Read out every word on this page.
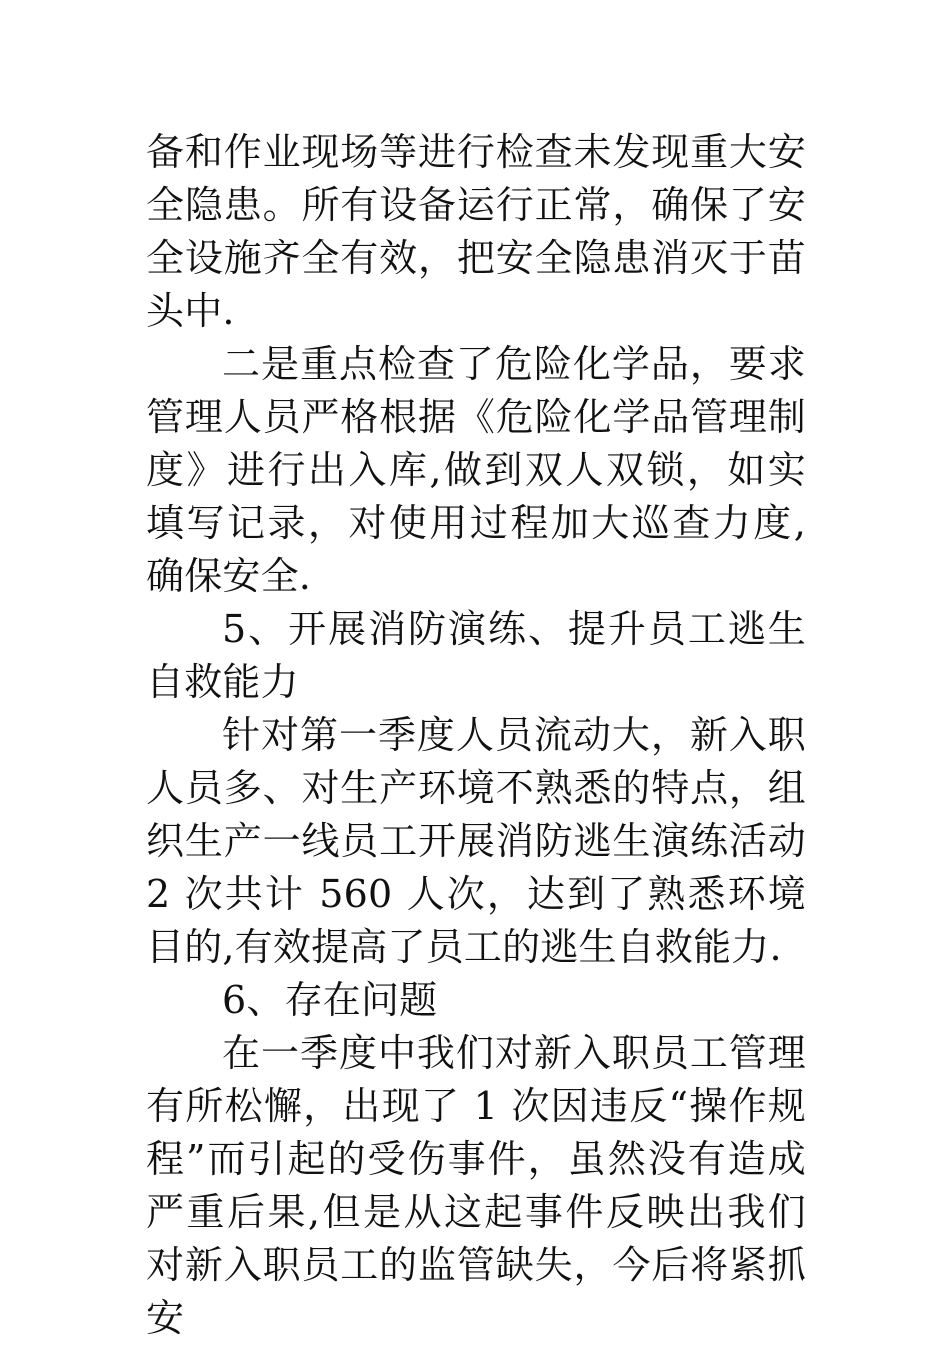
备和作业现场等进行检查未发现重大安全隐患。所有设备运行正常，确保了安全设施齐全有效，把安全隐患消灭于苗头中.

二是重点检查了危险化学品，要求管理人员严格根据《危险化学品管理制度》进行出入库,做到双人双锁，如实填写记录，对使用过程加大巡查力度,确保安全.

5、开展消防演练、提升员工逃生自救能力

针对第一季度人员流动大，新入职人员多、对生产环境不熟悉的特点，组织生产一线员工开展消防逃生演练活动 2 次共计 560 人次，达到了熟悉环境目的,有效提高了员工的逃生自救能力.

6、存在问题

在一季度中我们对新入职员工管理有所松懈，出现了 1 次因违反“操作规程”而引起的受伤事件，虽然没有造成严重后果,但是从这起事件反映出我们对新入职员工的监管缺失，今后将紧抓安
